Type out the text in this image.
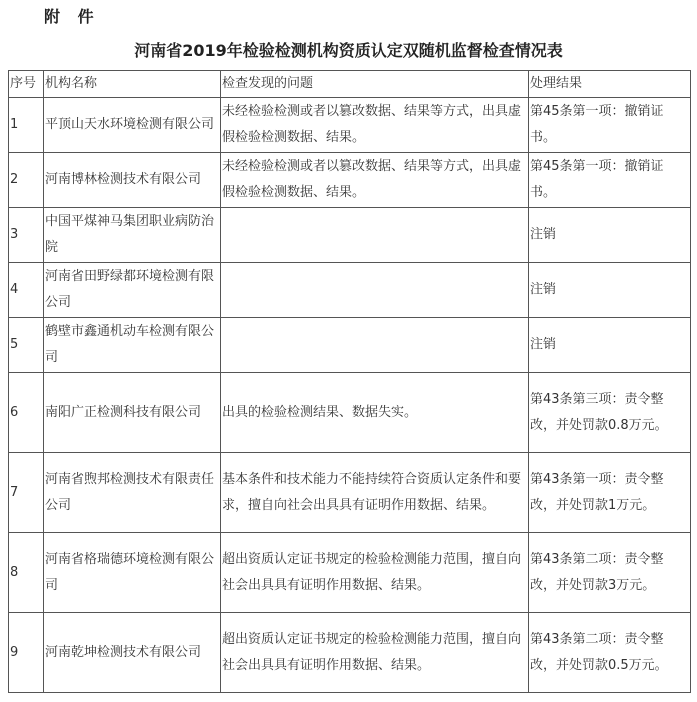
附 件
河南省2019年检验检测机构资质认定双随机监督检查情况表
序号	机构名称	检查发现的问题	处理结果
1	平顶山天水环境检测有限公司	未经检验检测或者以篡改数据、结果等方式，出具虚假检验检测数据、结果。	第45条第一项：撤销证书。
2	河南博林检测技术有限公司	未经检验检测或者以篡改数据、结果等方式，出具虚假检验检测数据、结果。	第45条第一项：撤销证书。
3	中国平煤神马集团职业病防治院		注销
4	河南省田野绿都环境检测有限公司		注销
5	鹤壁市鑫通机动车检测有限公司		注销
6	南阳广正检测科技有限公司	出具的检验检测结果、数据失实。	第43条第三项：责令整改，并处罚款0.8万元。
7	河南省煦邦检测技术有限责任公司	基本条件和技术能力不能持续符合资质认定条件和要求，擅自向社会出具具有证明作用数据、结果。	第43条第一项：责令整改，并处罚款1万元。
8	河南省格瑞德环境检测有限公司	超出资质认定证书规定的检验检测能力范围，擅自向社会出具具有证明作用数据、结果。	第43条第二项：责令整改，并处罚款3万元。
9	河南乾坤检测技术有限公司	超出资质认定证书规定的检验检测能力范围，擅自向社会出具具有证明作用数据、结果。	第43条第二项：责令整改，并处罚款0.5万元。
